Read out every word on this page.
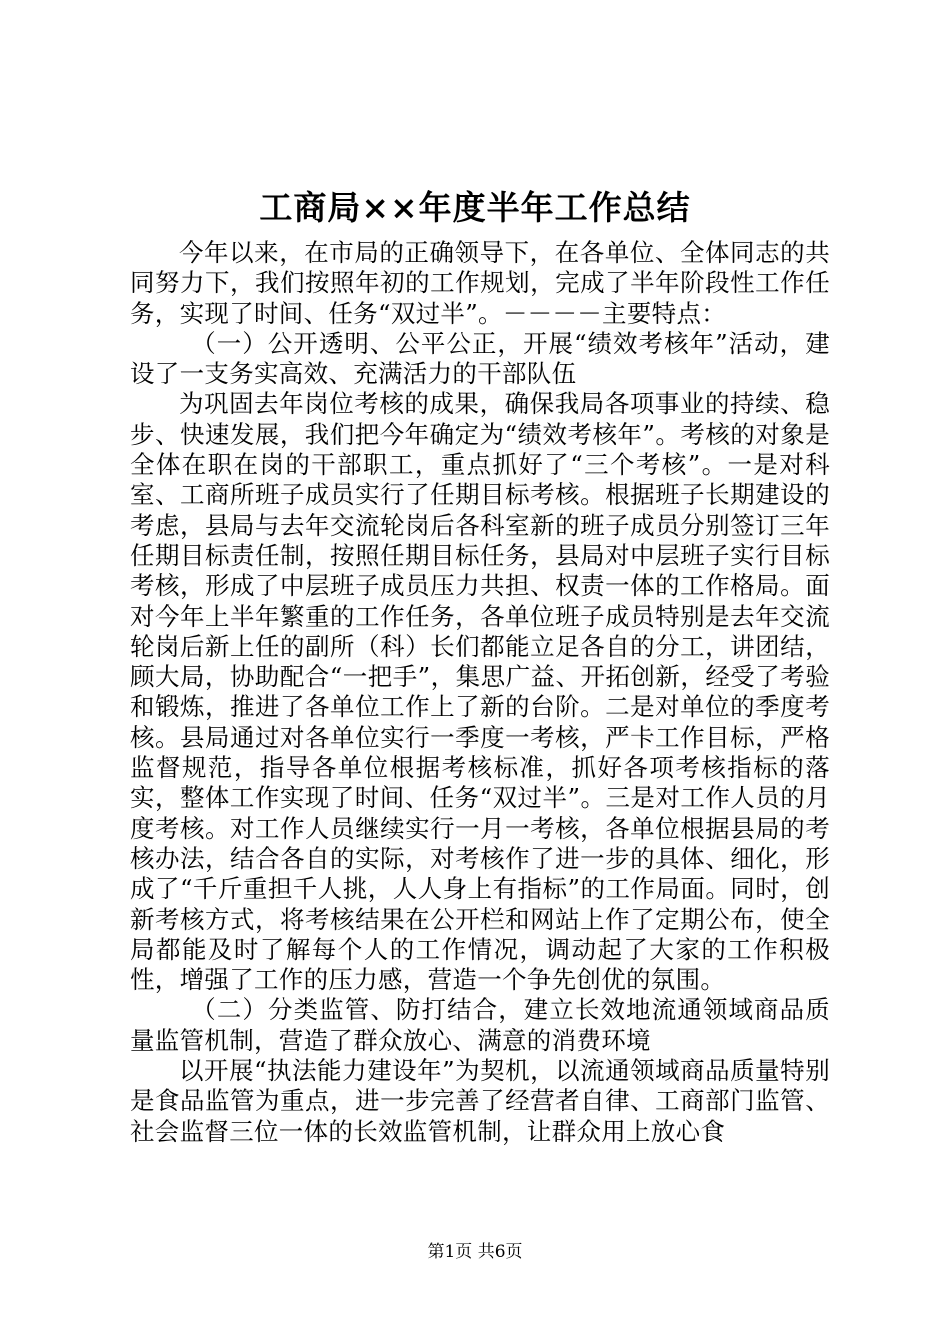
工商局××年度半年工作总结

今年以来，在市局的正确领导下，在各单位、全体同志的共同努力下，我们按照年初的工作规划，完成了半年阶段性工作任务，实现了时间、任务“双过半”。－－－－主要特点：

（一）公开透明、公平公正，开展“绩效考核年”活动，建设了一支务实高效、充满活力的干部队伍

为巩固去年岗位考核的成果，确保我局各项事业的持续、稳步、快速发展，我们把今年确定为“绩效考核年”。考核的对象是全体在职在岗的干部职工，重点抓好了“三个考核”。一是对科室、工商所班子成员实行了任期目标考核。根据班子长期建设的考虑，县局与去年交流轮岗后各科室新的班子成员分别签订三年任期目标责任制，按照任期目标任务，县局对中层班子实行目标考核，形成了中层班子成员压力共担、权责一体的工作格局。面对今年上半年繁重的工作任务，各单位班子成员特别是去年交流轮岗后新上任的副所（科）长们都能立足各自的分工，讲团结，顾大局，协助配合“一把手”，集思广益、开拓创新，经受了考验和锻炼，推进了各单位工作上了新的台阶。二是对单位的季度考核。县局通过对各单位实行一季度一考核，严卡工作目标，严格监督规范，指导各单位根据考核标准，抓好各项考核指标的落实，整体工作实现了时间、任务“双过半”。三是对工作人员的月度考核。对工作人员继续实行一月一考核，各单位根据县局的考核办法，结合各自的实际，对考核作了进一步的具体、细化，形成了“千斤重担千人挑，人人身上有指标”的工作局面。同时，创新考核方式，将考核结果在公开栏和网站上作了定期公布，使全局都能及时了解每个人的工作情况，调动起了大家的工作积极性，增强了工作的压力感，营造一个争先创优的氛围。

（二）分类监管、防打结合，建立长效地流通领域商品质量监管机制，营造了群众放心、满意的消费环境

以开展“执法能力建设年”为契机，以流通领域商品质量特别是食品监管为重点，进一步完善了经营者自律、工商部门监管、社会监督三位一体的长效监管机制，让群众用上放心食

第1页 共6页
